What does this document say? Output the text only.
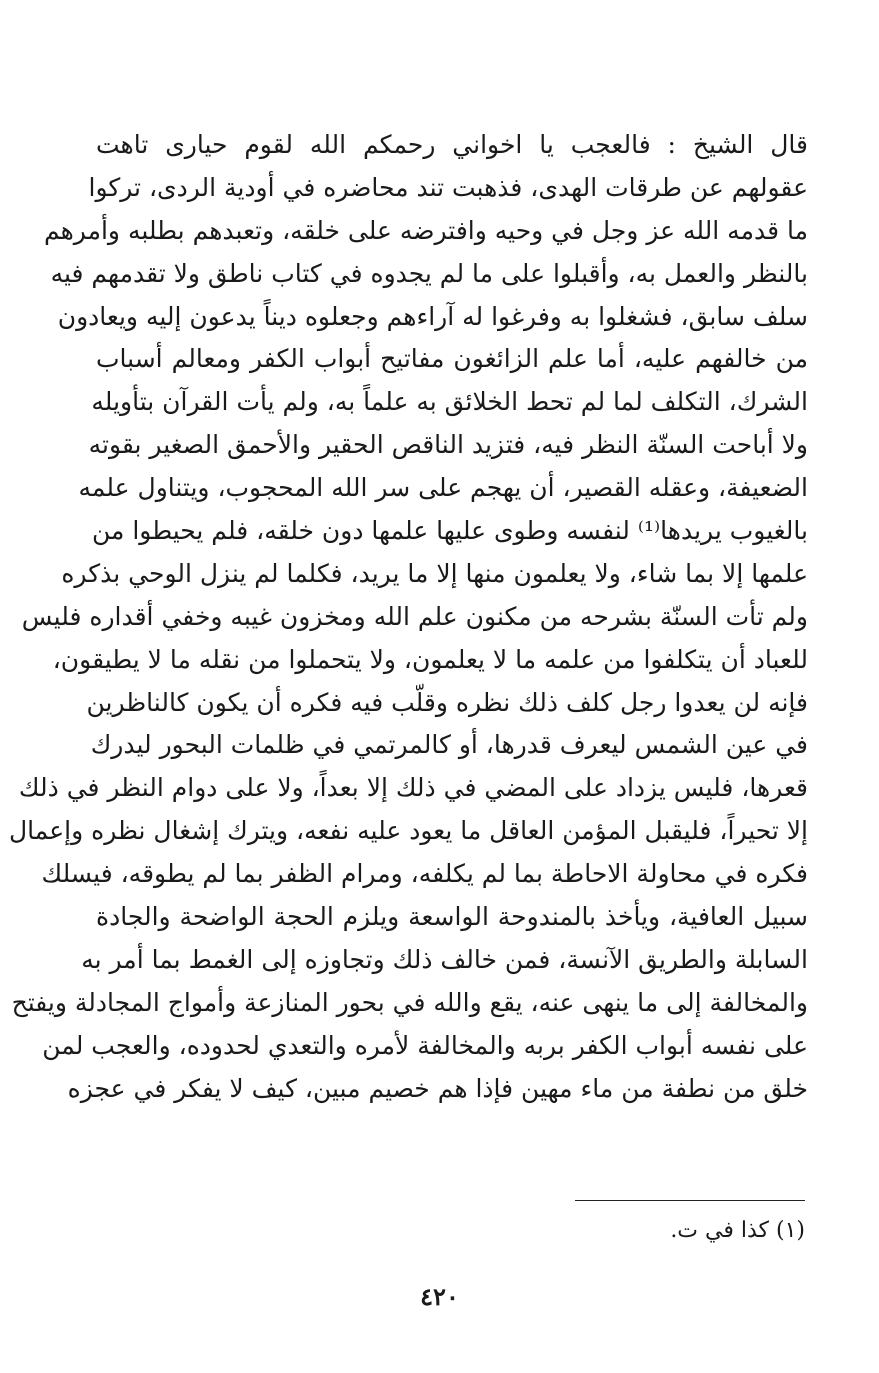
قال الشيخ : فالعجب يا اخواني رحمكم الله لقوم حيارى تاهت
عقولهم عن طرقات الهدى، فذهبت تند محاضره في أودية الردى، تركوا
ما قدمه الله عز وجل في وحيه وافترضه على خلقه، وتعبدهم بطلبه وأمرهم
بالنظر والعمل به، وأقبلوا على ما لم يجدوه في كتاب ناطق ولا تقدمهم فيه
سلف سابق، فشغلوا به وفرغوا له آراءهم وجعلوه ديناً يدعون إليه ويعادون
من خالفهم عليه، أما علم الزائغون مفاتيح أبواب الكفر ومعالم أسباب
الشرك، التكلف لما لم تحط الخلائق به علماً به، ولم يأت القرآن بتأويله
ولا أباحت السنّة النظر فيه، فتزيد الناقص الحقير والأحمق الصغير بقوته
الضعيفة، وعقله القصير، أن يهجم على سر الله المحجوب، ويتناول علمه
بالغيوب يريدها⁽¹⁾ لنفسه وطوى عليها علمها دون خلقه، فلم يحيطوا من
علمها إلا بما شاء، ولا يعلمون منها إلا ما يريد، فكلما لم ينزل الوحي بذكره
ولم تأت السنّة بشرحه من مكنون علم الله ومخزون غيبه وخفي أقداره فليس
للعباد أن يتكلفوا من علمه ما لا يعلمون، ولا يتحملوا من نقله ما لا يطيقون،
فإنه لن يعدوا رجل كلف ذلك نظره وقلّب فيه فكره أن يكون كالناظرين
في عين الشمس ليعرف قدرها، أو كالمرتمي في ظلمات البحور ليدرك
قعرها، فليس يزداد على المضي في ذلك إلا بعداً، ولا على دوام النظر في ذلك
إلا تحيراً، فليقبل المؤمن العاقل ما يعود عليه نفعه، ويترك إشغال نظره وإعمال
فكره في محاولة الاحاطة بما لم يكلفه، ومرام الظفر بما لم يطوقه، فيسلك
سبيل العافية، ويأخذ بالمندوحة الواسعة ويلزم الحجة الواضحة والجادة
السابلة والطريق الآنسة، فمن خالف ذلك وتجاوزه إلى الغمط بما أمر به
والمخالفة إلى ما ينهى عنه، يقع والله في بحور المنازعة وأمواج المجادلة ويفتح
على نفسه أبواب الكفر بربه والمخالفة لأمره والتعدي لحدوده، والعجب لمن
خلق من نطفة من ماء مهين فإذا هم خصيم مبين، كيف لا يفكر في عجزه
(١) كذا في ت.
٤٢٠
